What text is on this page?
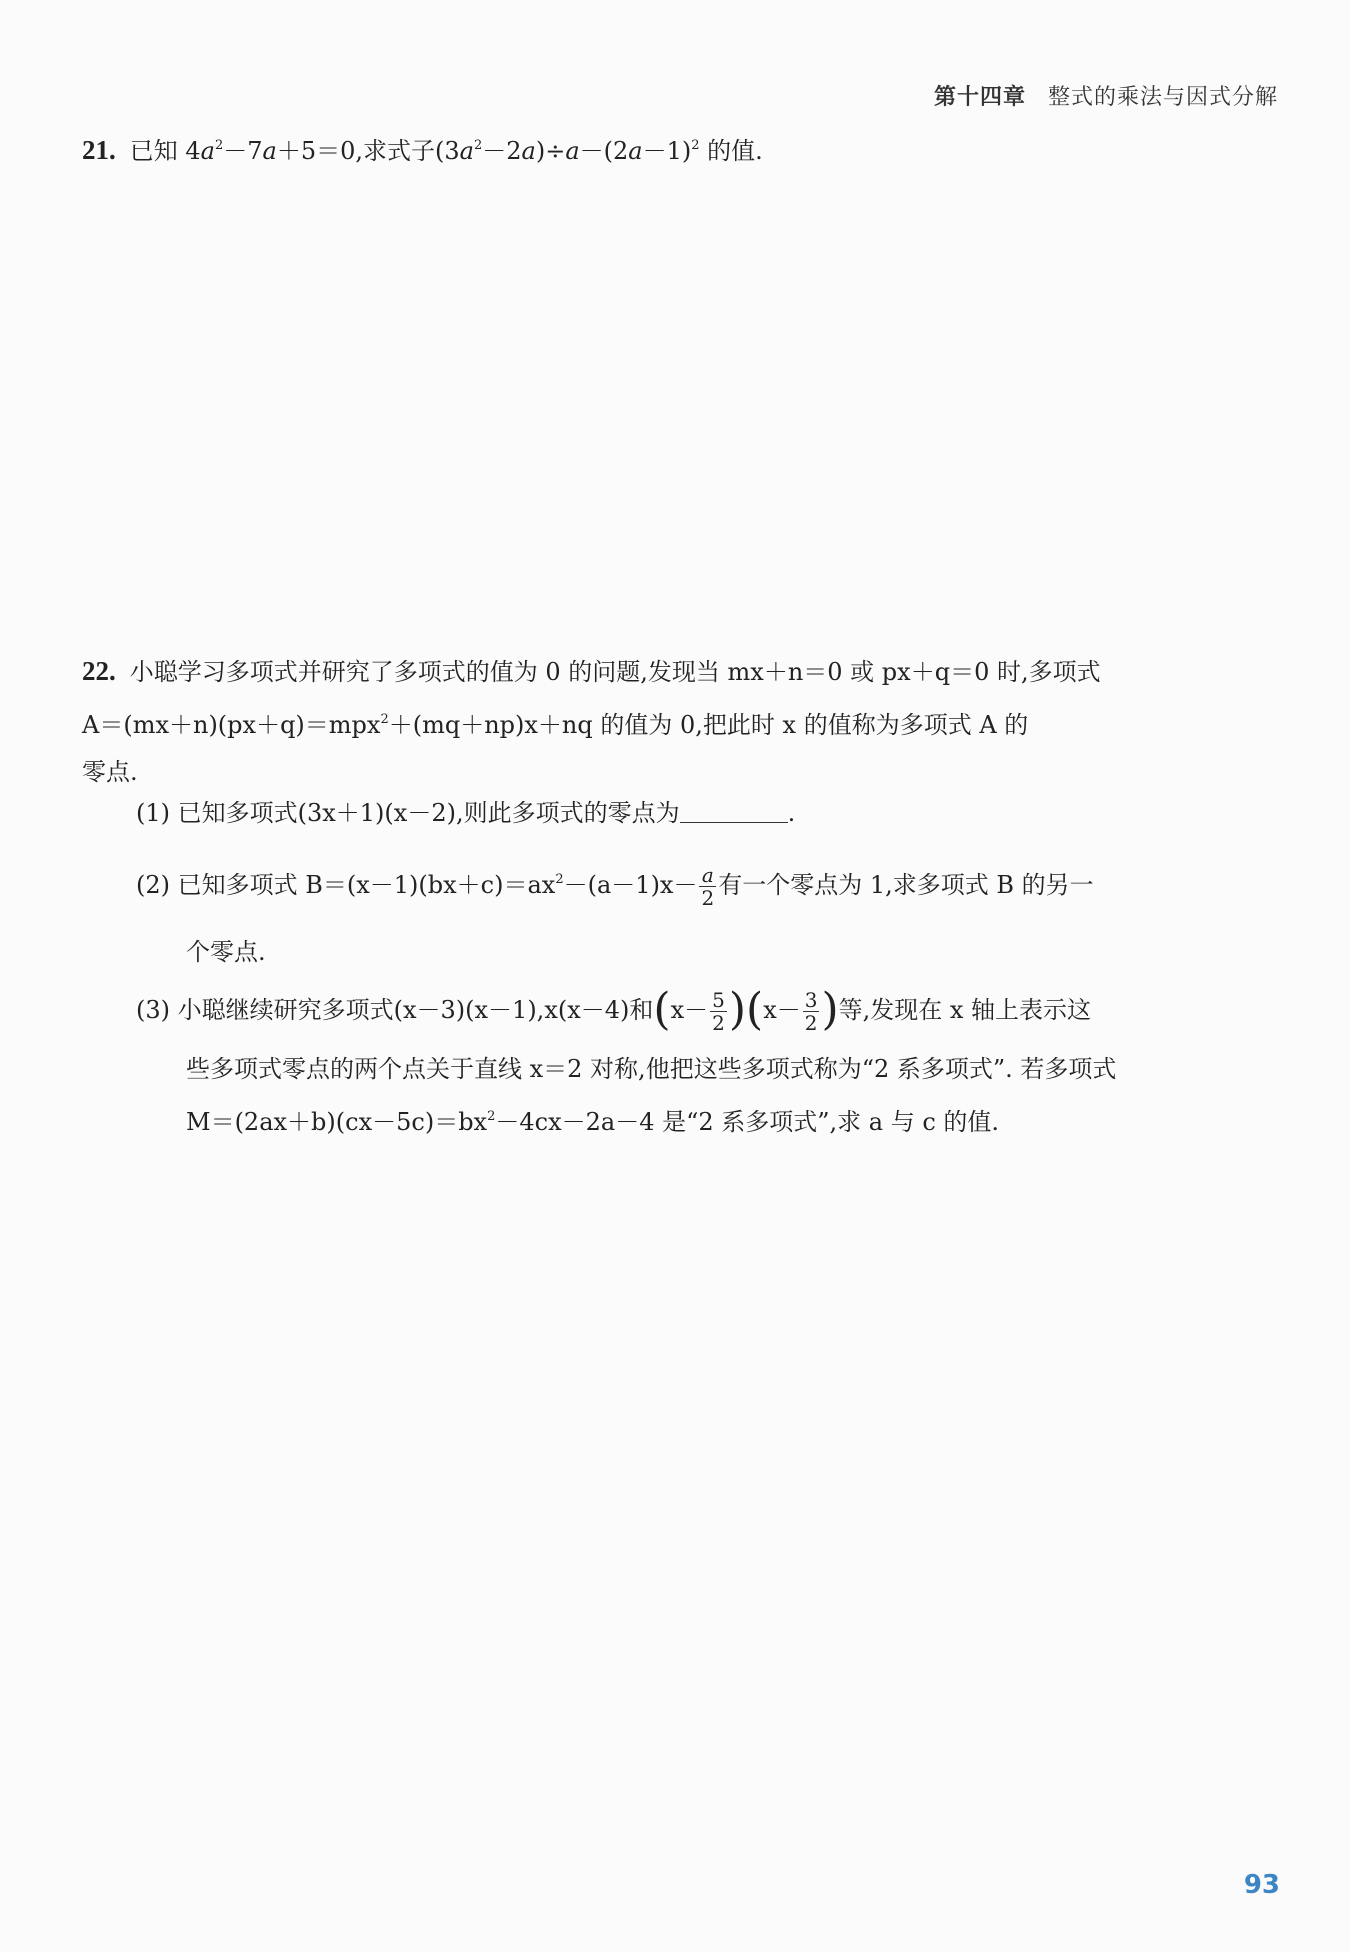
第十四章 整式的乘法与因式分解
21. 已知 $4a^2-7a+5=0$,求式子$(3a^2-2a)\div a-(2a-1)^2$ 的值.
22. 小聪学习多项式并研究了多项式的值为 0 的问题,发现当 mx＋n＝0 或 px＋q＝0 时,多项式
A＝(mx＋n)(px＋q)＝mpx$^2$＋(mq＋np)x＋nq 的值为 0,把此时 x 的值称为多项式 A 的
零点.
(1) 已知多项式(3x＋1)(x－2),则此多项式的零点为	.
(2) 已知多项式 $B=(x-1)(bx+c)=ax^2-(a-1)x- \frac{a}{2}$ 有一个零点为 1,求多项式 B 的另一
个零点.
(3) 小聪继续研究多项式(x－3)(x－1),x(x－4)和$(x- \frac{5}{2} )(x- \frac{3}{2}$ )等,发现在 x 轴上表示这
些多项式零点的两个点关于直线 x＝2 对称,他把这些多项式称为“2 系多项式”. 若多项式
$M=(2ax+b)(cx-5c)=bx^2-4cx-2a-4$ 是“2 系多项式”,求 a 与 c 的值.
93
